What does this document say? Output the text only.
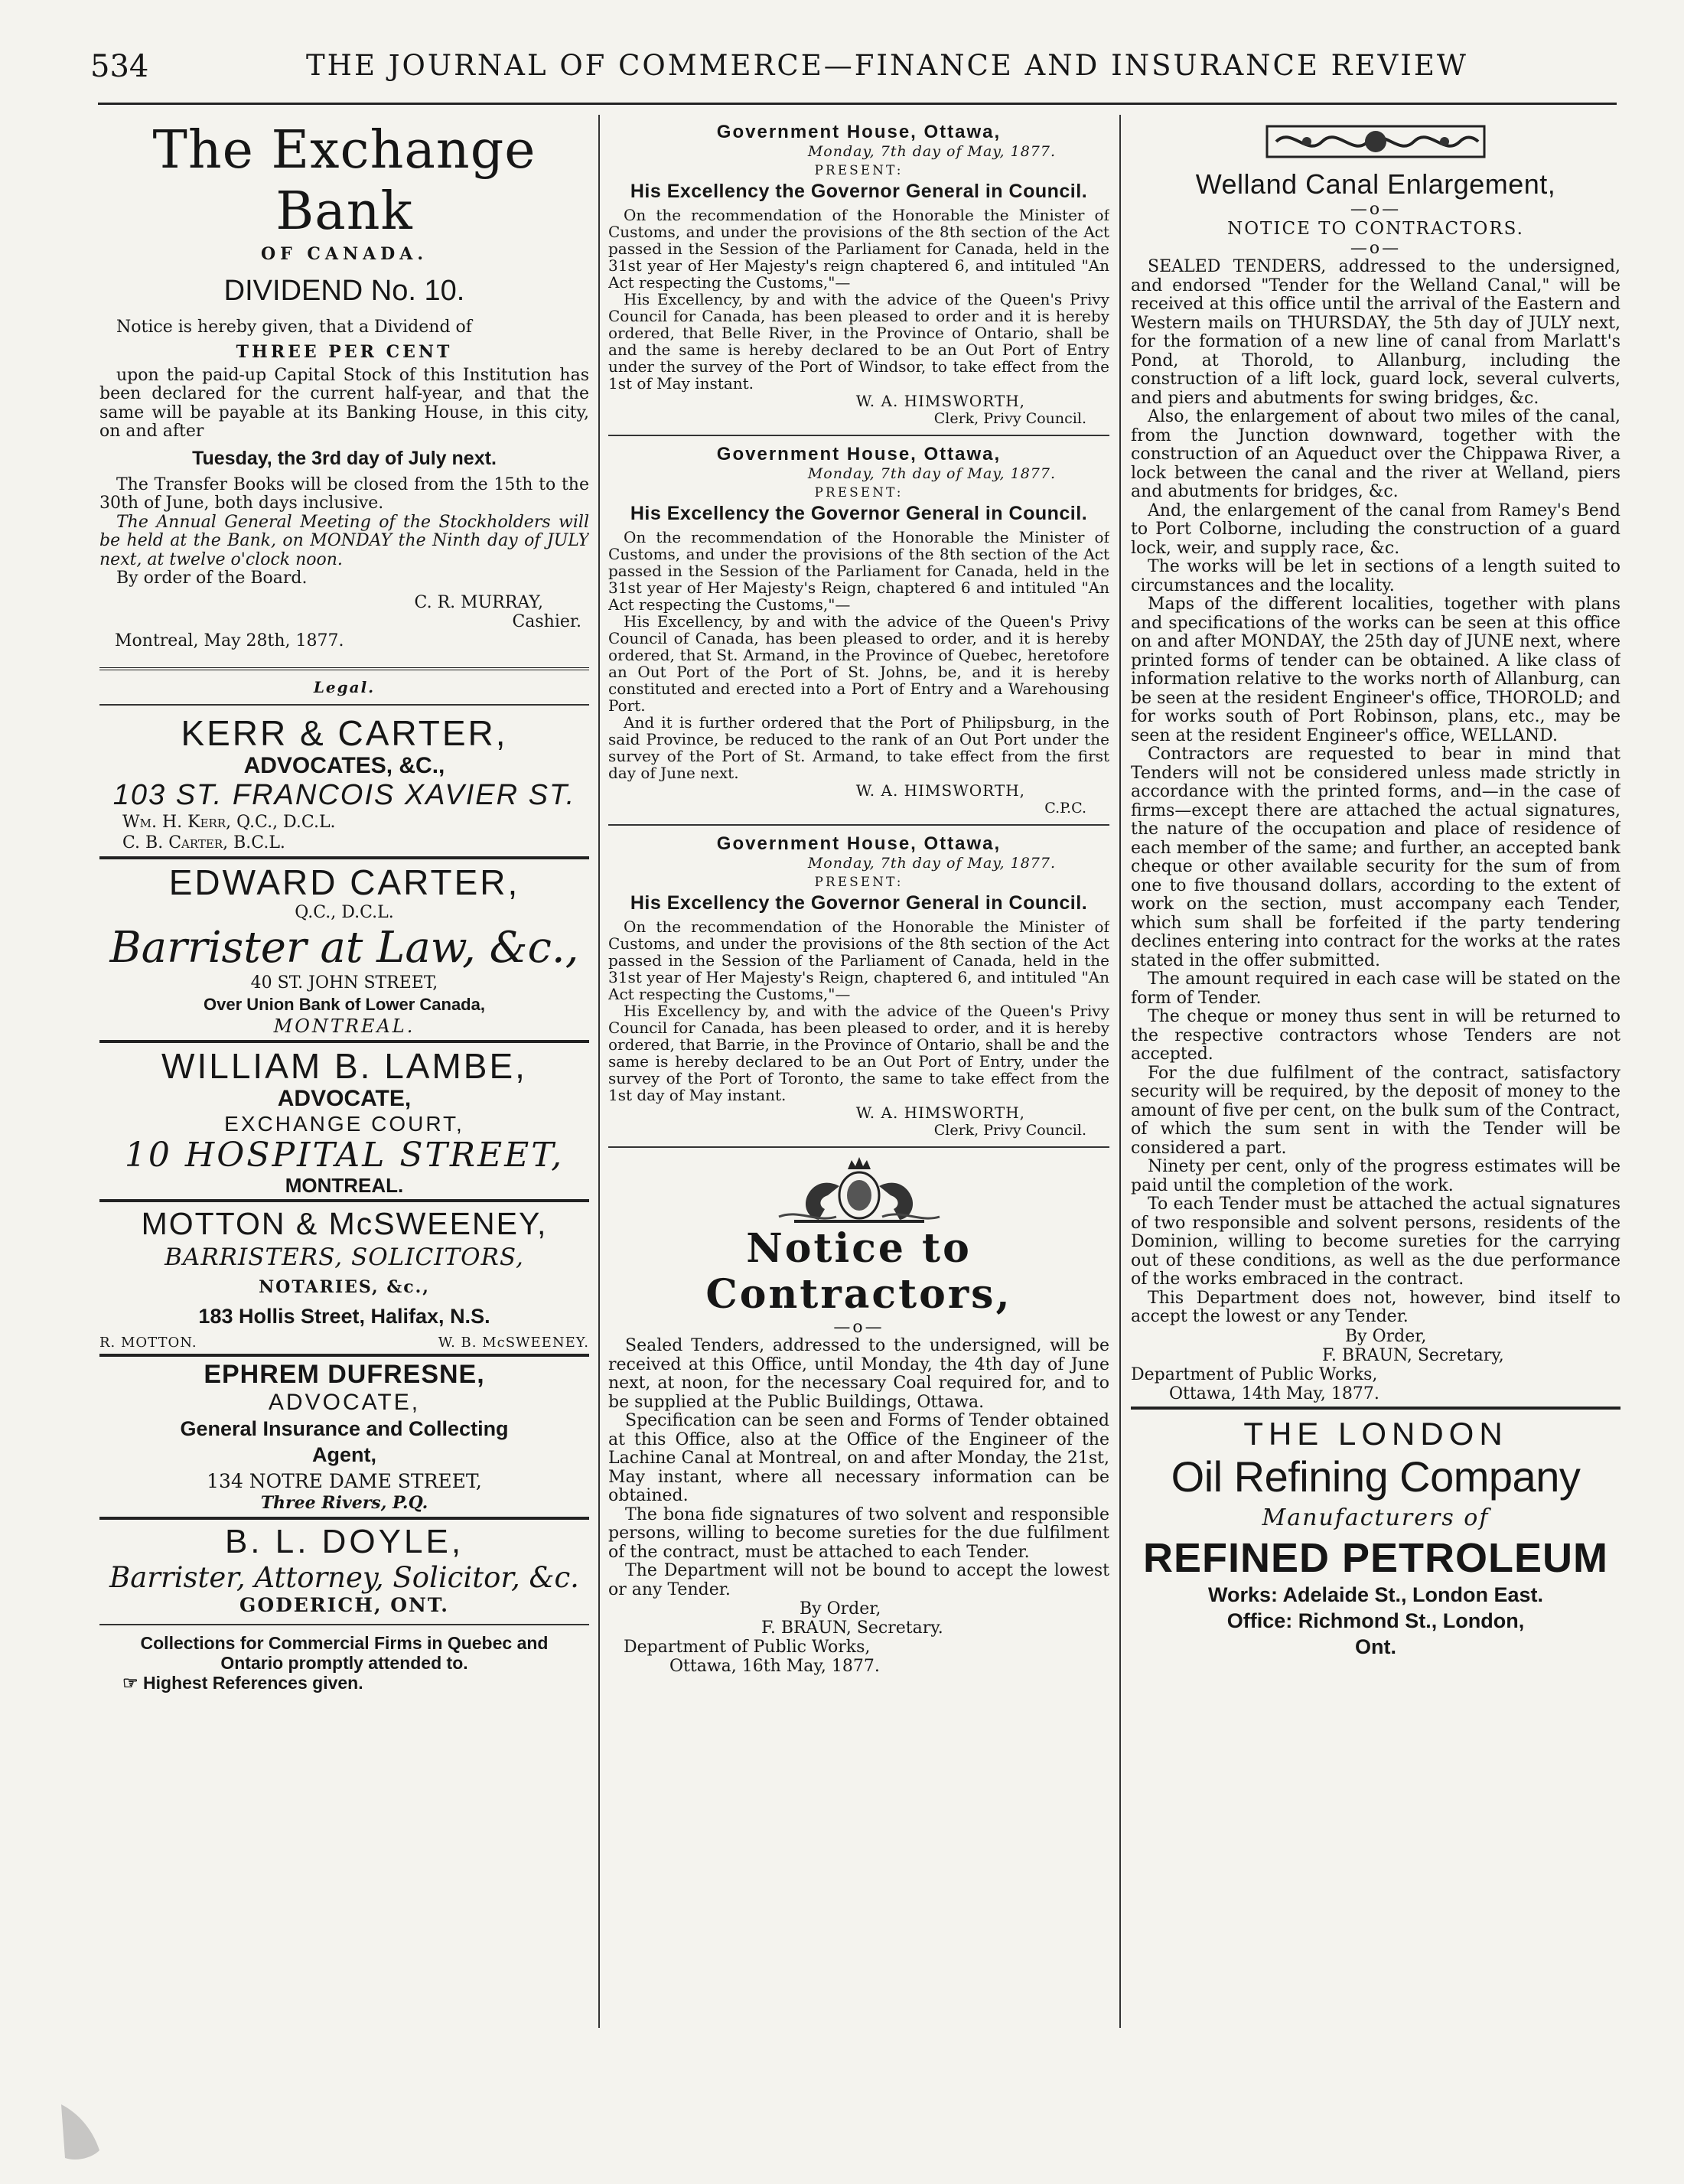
534	THE JOURNAL OF COMMERCE—FINANCE AND INSURANCE REVIEW
The Exchange Bank
OF CANADA.
DIVIDEND No. 10.
Notice is hereby given, that a Dividend of
THREE PER CENT
upon the paid-up Capital Stock of this Institution has been declared for the current half-year, and that the same will be payable at its Banking House, in this city, on and after
Tuesday, the 3rd day of July next.
The Transfer Books will be closed from the 15th to the 30th of June, both days inclusive.
The Annual General Meeting of the Stockholders will be held at the Bank, on MONDAY the Ninth day of JULY next, at twelve o'clock noon.
By order of the Board.
C. R. MURRAY,
Cashier.
Montreal, May 28th, 1877.
Legal.
KERR & CARTER,
ADVOCATES, &C.,
103 ST. FRANCOIS XAVIER ST.
Wm. H. Kerr, Q.C., D.C.L.
C. B. Carter, B.C.L.
EDWARD CARTER,
Q.C., D.C.L.
Barrister at Law, &c.,
40 ST. JOHN STREET,
Over Union Bank of Lower Canada,
MONTREAL.
WILLIAM B. LAMBE,
ADVOCATE,
EXCHANGE COURT,
10 HOSPITAL STREET,
MONTREAL.
MOTTON & McSWEENEY,
BARRISTERS, SOLICITORS,
NOTARIES, &c.,
183 Hollis Street, Halifax, N.S.
R. MOTTON.	W. B. McSWEENEY.
EPHREM DUFRESNE,
ADVOCATE,
General Insurance and Collecting
Agent,
134 NOTRE DAME STREET,
Three Rivers, P.Q.
B. L. DOYLE,
Barrister, Attorney, Solicitor, &c.
GODERICH, ONT.
Collections for Commercial Firms in Quebec and
Ontario promptly attended to.
☞ Highest References given.
Government House, Ottawa,
Monday, 7th day of May, 1877.
PRESENT:
His Excellency the Governor General in Council.
On the recommendation of the Honorable the Minister of Customs, and under the provisions of the 8th section of the Act passed in the Session of the Parliament for Canada, held in the 31st year of Her Majesty's reign chaptered 6, and intituled "An Act respecting the Customs,"—
His Excellency, by and with the advice of the Queen's Privy Council for Canada, has been pleased to order and it is hereby ordered, that Belle River, in the Province of Ontario, shall be and the same is hereby declared to be an Out Port of Entry under the survey of the Port of Windsor, to take effect from the 1st of May instant.
W. A. HIMSWORTH,
Clerk, Privy Council.
Government House, Ottawa,
Monday, 7th day of May, 1877.
PRESENT:
His Excellency the Governor General in Council.
On the recommendation of the Honorable the Minister of Customs, and under the provisions of the 8th section of the Act passed in the Session of the Parliament for Canada, held in the 31st year of Her Majesty's Reign, chaptered 6 and intituled "An Act respecting the Customs,"—
His Excellency, by and with the advice of the Queen's Privy Council of Canada, has been pleased to order, and it is hereby ordered, that St. Armand, in the Province of Quebec, heretofore an Out Port of the Port of St. Johns, be, and it is hereby constituted and erected into a Port of Entry and a Warehousing Port.
And it is further ordered that the Port of Philipsburg, in the said Province, be reduced to the rank of an Out Port under the survey of the Port of St. Armand, to take effect from the first day of June next.
W. A. HIMSWORTH,
C.P.C.
Government House, Ottawa,
Monday, 7th day of May, 1877.
PRESENT:
His Excellency the Governor General in Council.
On the recommendation of the Honorable the Minister of Customs, and under the provisions of the 8th section of the Act passed in the Session of the Parliament of Canada, held in the 31st year of Her Majesty's Reign, chaptered 6, and intituled "An Act respecting the Customs,"—
His Excellency by, and with the advice of the Queen's Privy Council for Canada, has been pleased to order, and it is hereby ordered, that Barrie, in the Province of Ontario, shall be and the same is hereby declared to be an Out Port of Entry, under the survey of the Port of Toronto, the same to take effect from the 1st day of May instant.
W. A. HIMSWORTH,
Clerk, Privy Council.
Notice to Contractors,
—o—
Sealed Tenders, addressed to the undersigned, will be received at this Office, until Monday, the 4th day of June next, at noon, for the necessary Coal required for, and to be supplied at the Public Buildings, Ottawa.
Specification can be seen and Forms of Tender obtained at this Office, also at the Office of the Engineer of the Lachine Canal at Montreal, on and after Monday, the 21st, May instant, where all necessary information can be obtained.
The bona fide signatures of two solvent and responsible persons, willing to become sureties for the due fulfilment of the contract, must be attached to each Tender.
The Department will not be bound to accept the lowest or any Tender.
By Order,
F. BRAUN, Secretary.
Department of Public Works,
Ottawa, 16th May, 1877.
Welland Canal Enlargement,
—o—
NOTICE TO CONTRACTORS.
—o—
SEALED TENDERS, addressed to the undersigned, and endorsed "Tender for the Welland Canal," will be received at this office until the arrival of the Eastern and Western mails on THURSDAY, the 5th day of JULY next, for the formation of a new line of canal from Marlatt's Pond, at Thorold, to Allanburg, including the construction of a lift lock, guard lock, several culverts, and piers and abutments for swing bridges, &c.
Also, the enlargement of about two miles of the canal, from the Junction downward, together with the construction of an Aqueduct over the Chippawa River, a lock between the canal and the river at Welland, piers and abutments for bridges, &c.
And, the enlargement of the canal from Ramey's Bend to Port Colborne, including the construction of a guard lock, weir, and supply race, &c.
The works will be let in sections of a length suited to circumstances and the locality.
Maps of the different localities, together with plans and specifications of the works can be seen at this office on and after MONDAY, the 25th day of JUNE next, where printed forms of tender can be obtained. A like class of information relative to the works north of Allanburg, can be seen at the resident Engineer's office, THOROLD; and for works south of Port Robinson, plans, etc., may be seen at the resident Engineer's office, WELLAND.
Contractors are requested to bear in mind that Tenders will not be considered unless made strictly in accordance with the printed forms, and—in the case of firms—except there are attached the actual signatures, the nature of the occupation and place of residence of each member of the same; and further, an accepted bank cheque or other available security for the sum of from one to five thousand dollars, according to the extent of work on the section, must accompany each Tender, which sum shall be forfeited if the party tendering declines entering into contract for the works at the rates stated in the offer submitted.
The amount required in each case will be stated on the form of Tender.
The cheque or money thus sent in will be returned to the respective contractors whose Tenders are not accepted.
For the due fulfilment of the contract, satisfactory security will be required, by the deposit of money to the amount of five per cent, on the bulk sum of the Contract, of which the sum sent in with the Tender will be considered a part.
Ninety per cent, only of the progress estimates will be paid until the completion of the work.
To each Tender must be attached the actual signatures of two responsible and solvent persons, residents of the Dominion, willing to become sureties for the carrying out of these conditions, as well as the due performance of the works embraced in the contract.
This Department does not, however, bind itself to accept the lowest or any Tender.
By Order,
F. BRAUN, Secretary,
Department of Public Works,
Ottawa, 14th May, 1877.
THE LONDON
Oil Refining Company
Manufacturers of
REFINED PETROLEUM
Works: Adelaide St., London East.
Office: Richmond St., London,
Ont.
